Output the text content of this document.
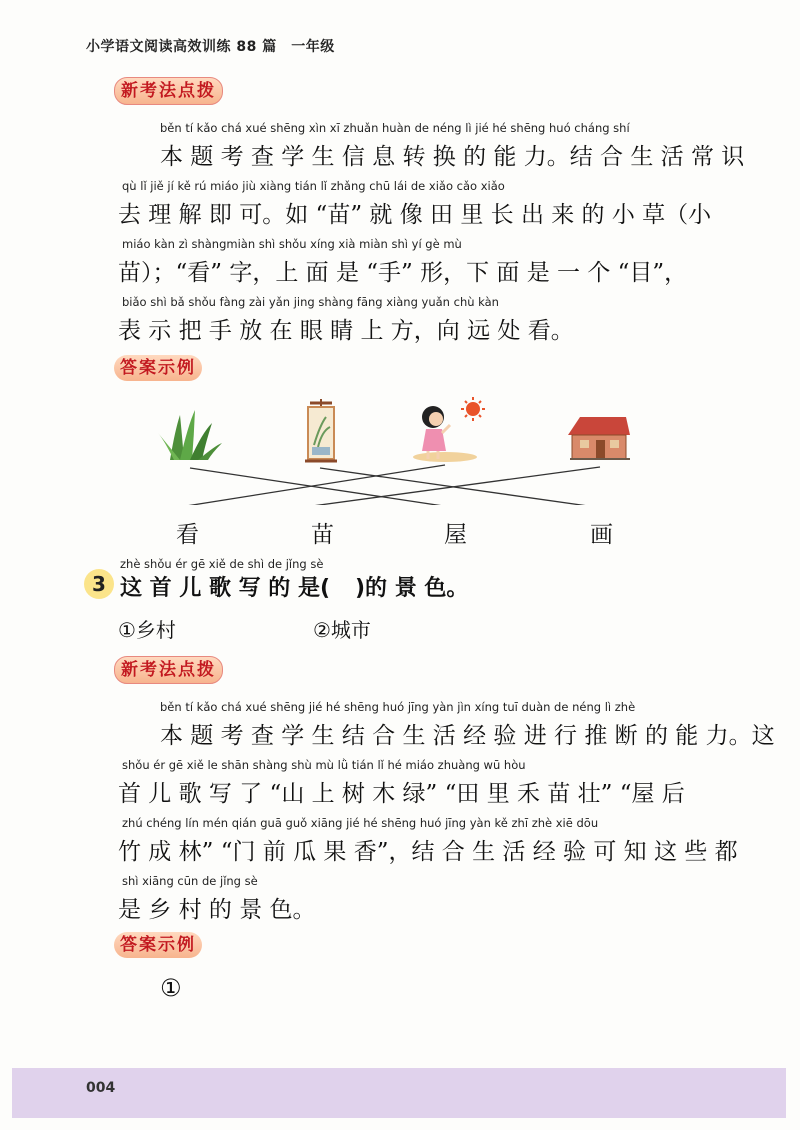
小学语文阅读高效训练 88 篇　一年级
新考法点拨
běn tí kǎo chá xué shēng xìn xī zhuǎn huàn de néng lì jié hé shēng huó cháng shí
本 题 考 查 学 生 信 息 转 换 的 能 力。结 合 生 活 常 识
qù lǐ jiě jí kě rú miáo jiù xiàng tián lǐ zhǎng chū lái de xiǎo cǎo xiǎo
去 理 解 即 可。如 “苗” 就 像 田 里 长 出 来 的 小 草（小
miáo kàn zì shàngmiàn shì shǒu xíng xià miàn shì yí gè mù
苗）；“看” 字，上 面 是 “手” 形，下 面 是 一 个 “目”，
biǎo shì bǎ shǒu fàng zài yǎn jing shàng fāng xiàng yuǎn chù kàn
表 示 把 手 放 在 眼 睛 上 方，向 远 处 看。
答案示例
看	苗	屋	画
zhè shǒu ér gē xiě de shì de jǐng sè
3 这 首 儿 歌 写 的 是( )的 景 色。
①乡村	②城市
新考法点拨
běn tí kǎo chá xué shēng jié hé shēng huó jīng yàn jìn xíng tuī duàn de néng lì zhè
本 题 考 查 学 生 结 合 生 活 经 验 进 行 推 断 的 能 力。这
shǒu ér gē xiě le shān shàng shù mù lǜ tián lǐ hé miáo zhuàng wū hòu
首 儿 歌 写 了 “山 上 树 木 绿” “田 里 禾 苗 壮” “屋 后
zhú chéng lín mén qián guā guǒ xiāng jié hé shēng huó jīng yàn kě zhī zhè xiē dōu
竹 成 林” “门 前 瓜 果 香”，结 合 生 活 经 验 可 知 这 些 都
shì xiāng cūn de jǐng sè
是 乡 村 的 景 色。
答案示例
①
004
